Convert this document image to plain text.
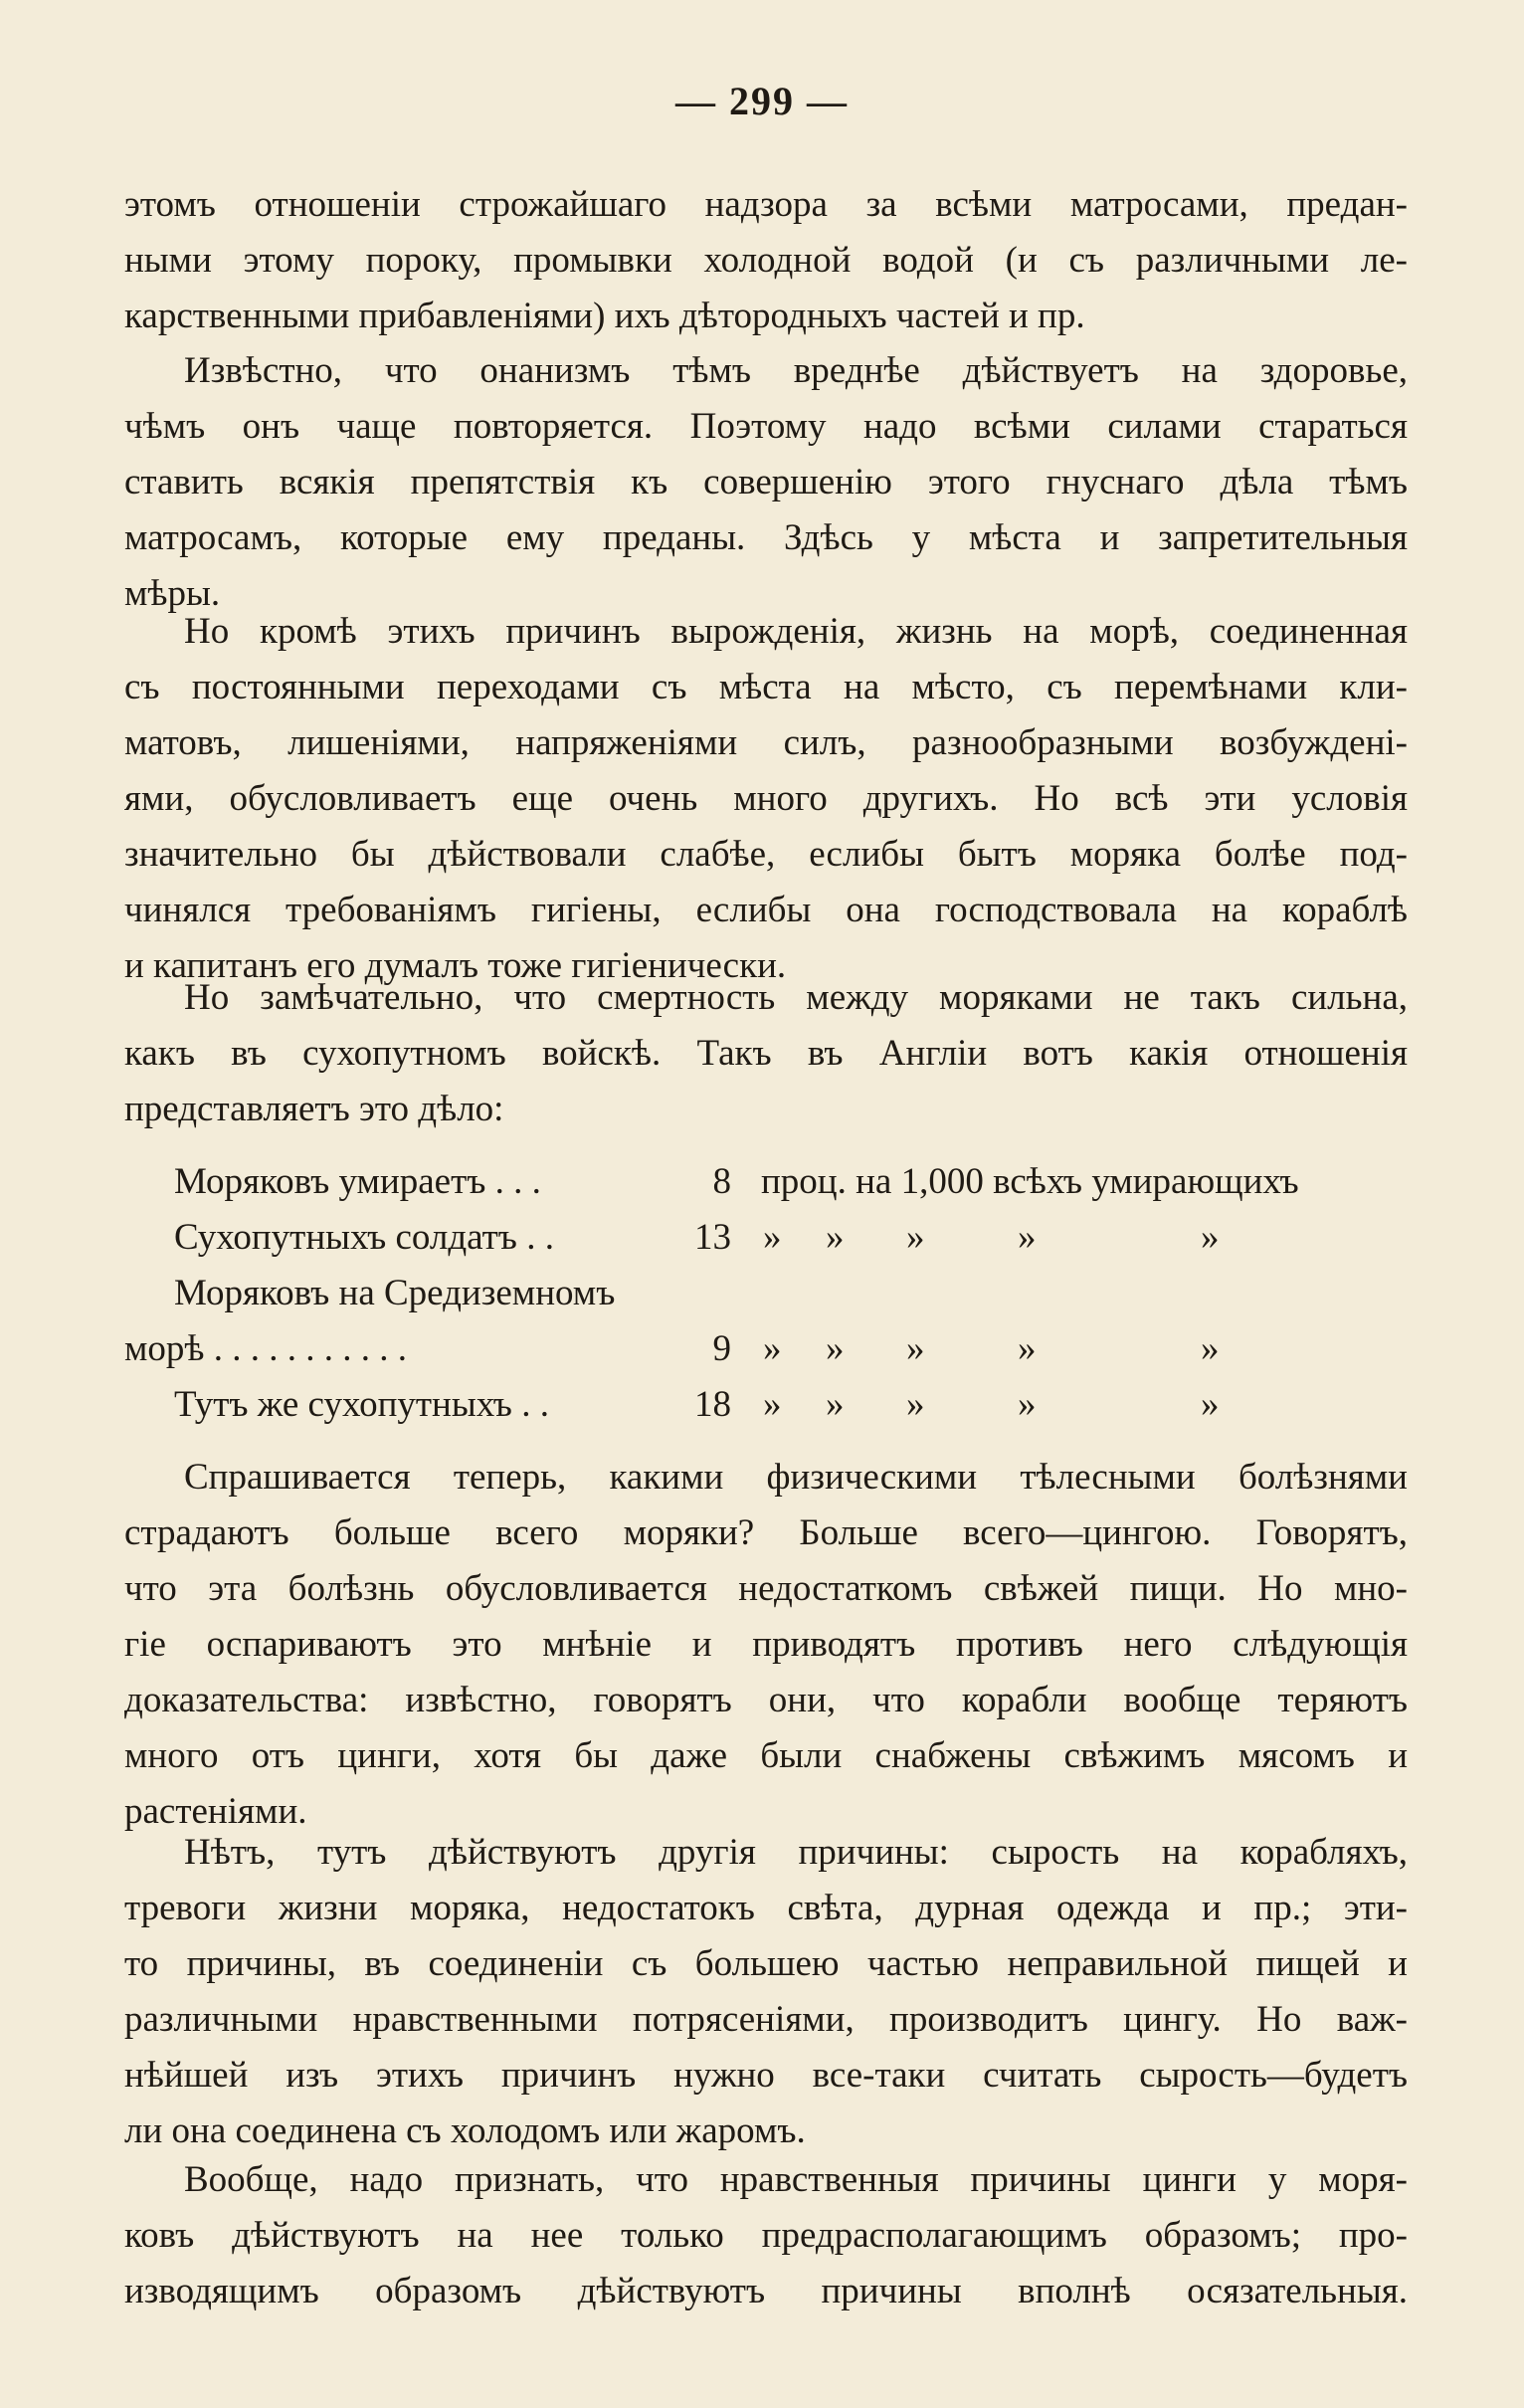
— 299 —
этомъ отношеніи строжайшаго надзора за всѣми матросами, предан-
ными этому пороку, промывки холодной водой (и съ различными ле-
карственными прибавленіями) ихъ дѣтородныхъ частей и пр.
Извѣстно, что онанизмъ тѣмъ вреднѣе дѣйствуетъ на здоровье,
чѣмъ онъ чаще повторяется. Поэтому надо всѣми силами стараться
ставить всякія препятствія къ совершенію этого гнуснаго дѣла тѣмъ
матросамъ, которые ему преданы. Здѣсь у мѣста и запретительныя
мѣры.
Но кромѣ этихъ причинъ вырожденія, жизнь на морѣ, соединенная
съ постоянными переходами съ мѣста на мѣсто, съ перемѣнами кли-
матовъ, лишеніями, напряженіями силъ, разнообразными возбужденi-
ями, обусловливаетъ еще очень много другихъ. Но всѣ эти условія
значительно бы дѣйствовали слабѣе, еслибы бытъ моряка болѣе под-
чинялся требованіямъ гигіены, еслибы она господствовала на кораблѣ
и капитанъ его думалъ тоже гигіенически.
Но замѣчательно, что смертность между моряками не такъ сильна,
какъ въ сухопутномъ войскѣ. Такъ въ Англіи вотъ какія отношенія
представляетъ это дѣло:
Моряковъ умираетъ . . .	8 проц. на 1,000 всѣхъ умирающихъ
Сухопутныхъ солдатъ . .	13 » » »	»	»
Моряковъ на Средиземномъ
морѣ . . . . . . . . . . .	9 » » »	»	»
Тутъ же сухопутныхъ . .	18 » » »	»	»
Спрашивается теперь, какими физическими тѣлесными болѣзнями
страдаютъ больше всего моряки? Больше всего—цингою. Говорятъ,
что эта болѣзнь обусловливается недостаткомъ свѣжей пищи. Но мно-
гіе оспариваютъ это мнѣніе и приводятъ противъ него слѣдующія
доказательства: извѣстно, говорятъ они, что корабли вообще теряютъ
много отъ цинги, хотя бы даже были снабжены свѣжимъ мясомъ и
растеніями.
Нѣтъ, тутъ дѣйствуютъ другія причины: сырость на корабляхъ,
тревоги жизни моряка, недостатокъ свѣта, дурная одежда и пр.; эти-
то причины, въ соединеніи съ большею частью неправильной пищей и
различными нравственными потрясеніями, производитъ цингу. Но важ-
нѣйшей изъ этихъ причинъ нужно все-таки считать сырость—будетъ
ли она соединена съ холодомъ или жаромъ.
Вообще, надо признать, что нравственныя причины цинги у моря-
ковъ дѣйствуютъ на нее только предрасполагающимъ образомъ; про-
изводящимъ образомъ дѣйствуютъ причины вполнѣ осязательныя.
